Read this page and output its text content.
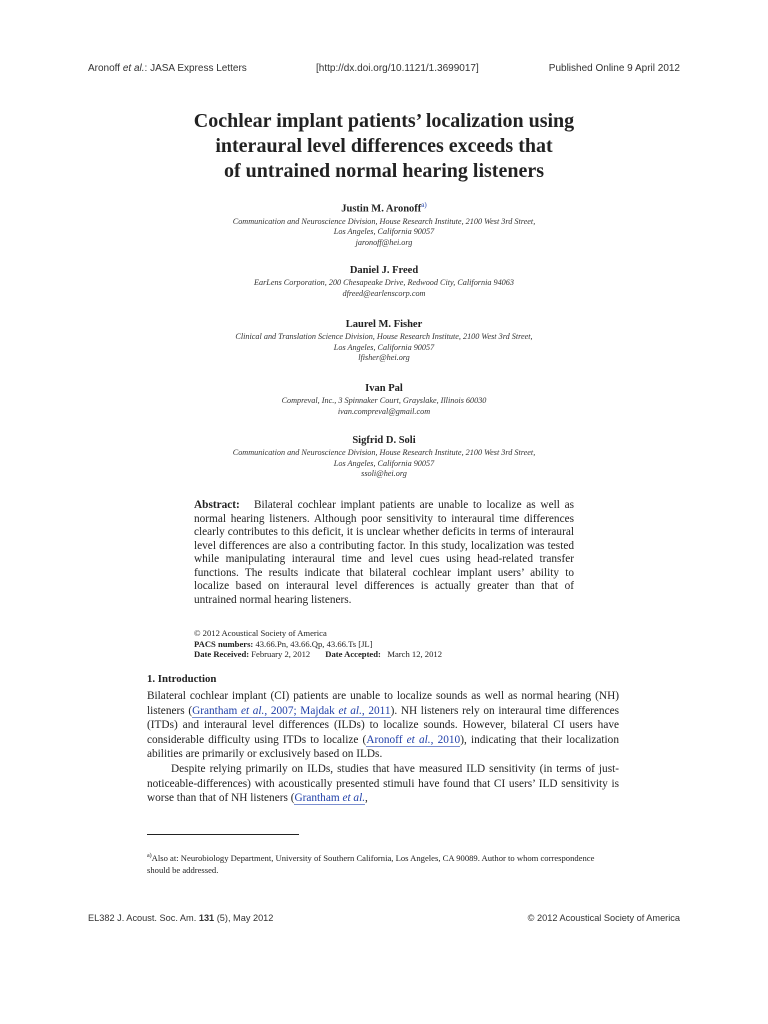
Aronoff et al.: JASA Express Letters	[http://dx.doi.org/10.1121/1.3699017]	Published Online 9 April 2012
Cochlear implant patients’ localization using
interaural level differences exceeds that
of untrained normal hearing listeners
Justin M. Aronoff$^{a)}$
Communication and Neuroscience Division, House Research Institute, 2100 West 3rd Street,
Los Angeles, California 90057
jaronoff@hei.org
Daniel J. Freed
EarLens Corporation, 200 Chesapeake Drive, Redwood City, California 94063
dfreed@earlenscorp.com
Laurel M. Fisher
Clinical and Translation Science Division, House Research Institute, 2100 West 3rd Street,
Los Angeles, California 90057
lfisher@hei.org
Ivan Pal
Compreval, Inc., 3 Spinnaker Court, Grayslake, Illinois 60030
ivan.compreval@gmail.com
Sigfrid D. Soli
Communication and Neuroscience Division, House Research Institute, 2100 West 3rd Street,
Los Angeles, California 90057
ssoli@hei.org
Abstract: Bilateral cochlear implant patients are unable to localize as well as normal hearing listeners. Although poor sensitivity to interaural time differences clearly contributes to this deficit, it is unclear whether deficits in terms of interaural level differences are also a contributing factor. In this study, localization was tested while manipulating interaural time and level cues using head-related transfer functions. The results indicate that bilateral cochlear implant users’ ability to localize based on interaural level differences is actually greater than that of untrained normal hearing listeners.
© 2012 Acoustical Society of America
PACS numbers: 43.66.Pn, 43.66.Qp, 43.66.Ts [JL]
Date Received: February 2, 2012 Date Accepted: March 12, 2012
1. Introduction

Bilateral cochlear implant (CI) patients are unable to localize sounds as well as normal hearing (NH) listeners (Grantham et al., 2007; Majdak et al., 2011). NH listeners rely on interaural time differences (ITDs) and interaural level differences (ILDs) to localize sounds. However, bilateral CI users have considerable difficulty using ITDs to localize (Aronoff et al., 2010), indicating that their localization abilities are primarily or exclusively based on ILDs.

Despite relying primarily on ILDs, studies that have measured ILD sensitivity (in terms of just-noticeable-differences) with acoustically presented stimuli have found that CI users’ ILD sensitivity is worse than that of NH listeners (Grantham et al.,

$^{a)}$Also at: Neurobiology Department, University of Southern California, Los Angeles, CA 90089. Author to whom correspondence should be addressed.
EL382 J. Acoust. Soc. Am. 131 (5), May 2012	© 2012 Acoustical Society of America
